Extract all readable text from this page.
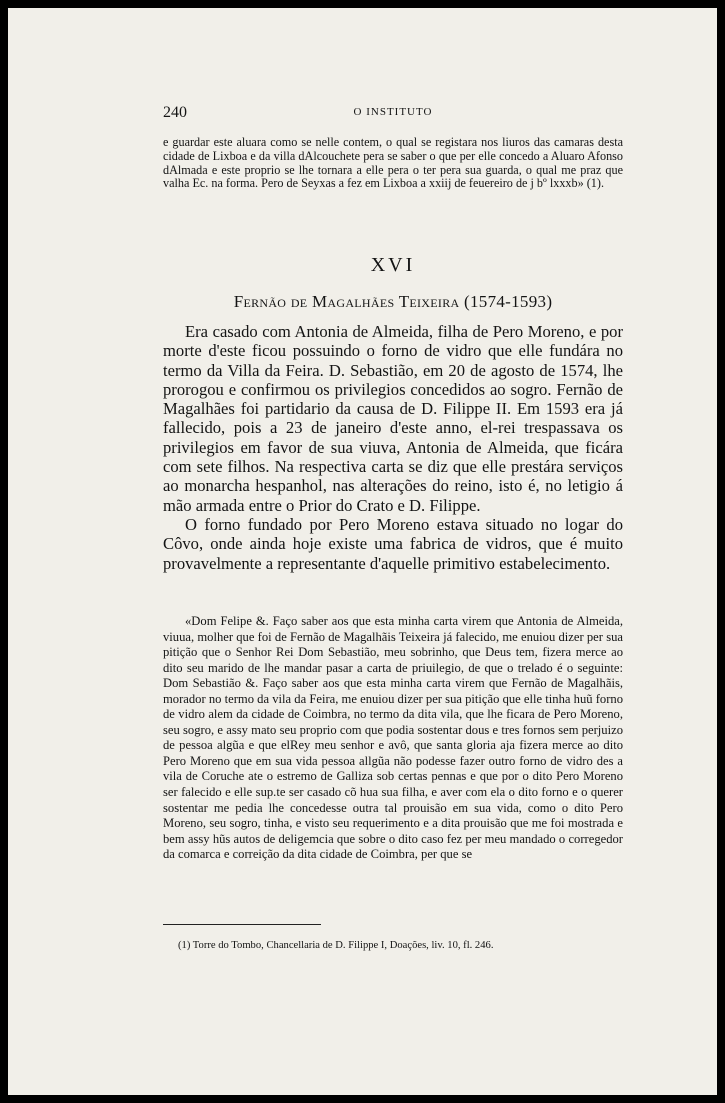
240	O INSTITUTO
e guardar este aluara como se nelle contem, o qual se registara nos liuros das camaras desta cidade de Lixboa e da villa dAlcouchete pera se saber o que per elle concedo a Aluaro Afonso dAlmada e este proprio se lhe tornara a elle pera o ter pera sua guarda, o qual me praz que valha Ec. na forma. Pero de Seyxas a fez em Lixboa a xxiij de feuereiro de j bº lxxxb» (1).
XVI
Fernão de Magalhães Teixeira (1574-1593)

Era casado com Antonia de Almeida, filha de Pero Moreno, e por morte d'este ficou possuindo o forno de vidro que elle fundára no termo da Villa da Feira. D. Sebastião, em 20 de agosto de 1574, lhe prorogou e confirmou os privilegios concedidos ao sogro. Fernão de Magalhães foi partidario da causa de D. Filippe II. Em 1593 era já fallecido, pois a 23 de janeiro d'este anno, el-rei trespassava os privilegios em favor de sua viuva, Antonia de Almeida, que ficára com sete filhos. Na respectiva carta se diz que elle prestára serviços ao monarcha hespanhol, nas alterações do reino, isto é, no letigio á mão armada entre o Prior do Crato e D. Filippe.

O forno fundado por Pero Moreno estava situado no logar do Côvo, onde ainda hoje existe uma fabrica de vidros, que é muito provavelmente a representante d'aquelle primitivo estabelecimento.

«Dom Felipe &. Faço saber aos que esta minha carta virem que Antonia de Almeida, viuua, molher que foi de Fernão de Magalhãis Teixeira já falecido, me enuiou dizer per sua pitição que o Senhor Rei Dom Sebastião, meu sobrinho, que Deus tem, fizera merce ao dito seu marido de lhe mandar pasar a carta de priuilegio, de que o trelado é o seguinte: Dom Sebastião &. Faço saber aos que esta minha carta virem que Fernão de Magalhãis, morador no termo da vila da Feira, me enuiou dizer per sua pitição que elle tinha huũ forno de vidro alem da cidade de Coimbra, no termo da dita vila, que lhe ficara de Pero Moreno, seu sogro, e assy mato seu proprio com que podia sostentar dous e tres fornos sem perjuizo de pessoa algũa e que elRey meu senhor e avô, que santa gloria aja fizera merce ao dito Pero Moreno que em sua vida pessoa allgũa não podesse fazer outro forno de vidro des a vila de Coruche ate o estremo de Galliza sob certas pennas e que por o dito Pero Moreno ser falecido e elle sup.te ser casado cõ hua sua filha, e aver com ela o dito forno e o querer sostentar me pedia lhe concedesse outra tal prouisão em sua vida, como o dito Pero Moreno, seu sogro, tinha, e visto seu requerimento e a dita prouisão que me foi mostrada e bem assy hũs autos de deligemcia que sobre o dito caso fez per meu mandado o corregedor da comarca e correição da dita cidade de Coimbra, per que se

(1) Torre do Tombo, Chancellaria de D. Filippe I, Doações, liv. 10, fl. 246.
